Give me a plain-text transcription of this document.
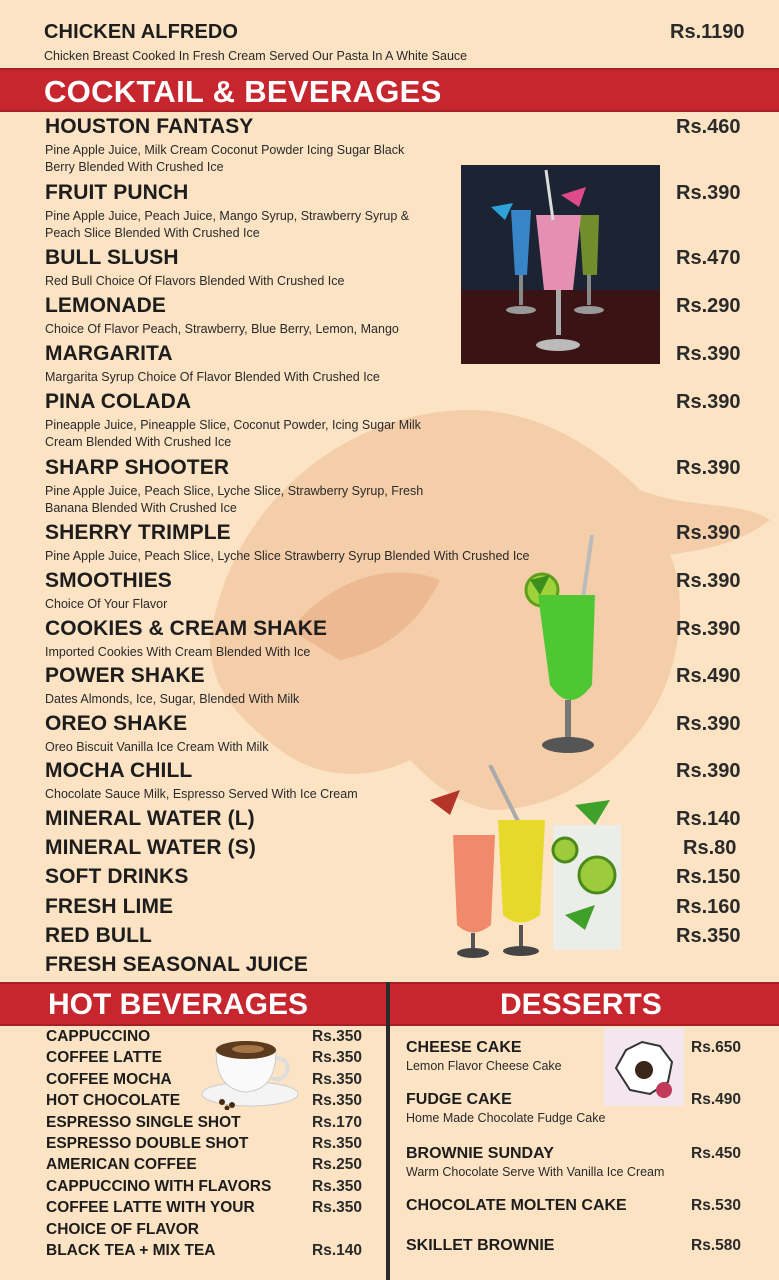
CHICKEN ALFREDO
Chicken Breast Cooked In Fresh Cream Served Our Pasta In A White Sauce
Rs.1190
COCKTAIL & BEVERAGES
HOUSTON FANTASY
Pine Apple Juice, Milk Cream Coconut Powder Icing Sugar Black
Berry Blended With Crushed Ice
Rs.460
FRUIT PUNCH
Pine Apple Juice, Peach Juice, Mango Syrup, Strawberry Syrup &
Peach Slice Blended With Crushed Ice
Rs.390
BULL SLUSH
Red Bull Choice Of Flavors Blended With Crushed Ice
Rs.470
LEMONADE
Choice Of Flavor Peach, Strawberry, Blue Berry, Lemon, Mango
Rs.290
MARGARITA
Margarita Syrup Choice Of Flavor Blended With Crushed Ice
Rs.390
PINA COLADA
Pineapple Juice, Pineapple Slice, Coconut Powder, Icing Sugar Milk
Cream Blended With Crushed Ice
Rs.390
SHARP SHOOTER
Pine Apple Juice, Peach Slice, Lyche Slice, Strawberry Syrup, Fresh
Banana Blended With Crushed Ice
Rs.390
SHERRY TRIMPLE
Pine Apple Juice, Peach Slice, Lyche Slice Strawberry Syrup Blended With Crushed Ice
Rs.390
SMOOTHIES
Choice Of Your Flavor
Rs.390
COOKIES & CREAM SHAKE
Imported Cookies With Cream Blended With Ice
Rs.390
POWER SHAKE
Dates Almonds, Ice, Sugar, Blended With Milk
Rs.490
OREO SHAKE
Oreo Biscuit Vanilla Ice Cream With Milk
Rs.390
MOCHA CHILL
Chocolate Sauce Milk, Espresso Served With Ice Cream
Rs.390
MINERAL WATER (L)	Rs.140
MINERAL WATER (S)	Rs.80
SOFT DRINKS	Rs.150
FRESH LIME	Rs.160
RED BULL	Rs.350
FRESH SEASONAL JUICE
HOT BEVERAGES	DESSERTS
CAPPUCCINO	Rs.350
COFFEE LATTE	Rs.350
COFFEE MOCHA	Rs.350
HOT CHOCOLATE	Rs.350
ESPRESSO SINGLE SHOT	Rs.170
ESPRESSO DOUBLE SHOT	Rs.350
AMERICAN COFFEE	Rs.250
CAPPUCCINO WITH FLAVORS	Rs.350
COFFEE LATTE WITH YOUR	Rs.350
CHOICE OF FLAVOR
BLACK TEA + MIX TEA	Rs.140
CHEESE CAKE
Lemon Flavor Cheese Cake
Rs.650
FUDGE CAKE
Home Made Chocolate Fudge Cake
Rs.490
BROWNIE SUNDAY
Warm Chocolate Serve With Vanilla Ice Cream
Rs.450
CHOCOLATE MOLTEN CAKE	Rs.530
SKILLET BROWNIE	Rs.580
